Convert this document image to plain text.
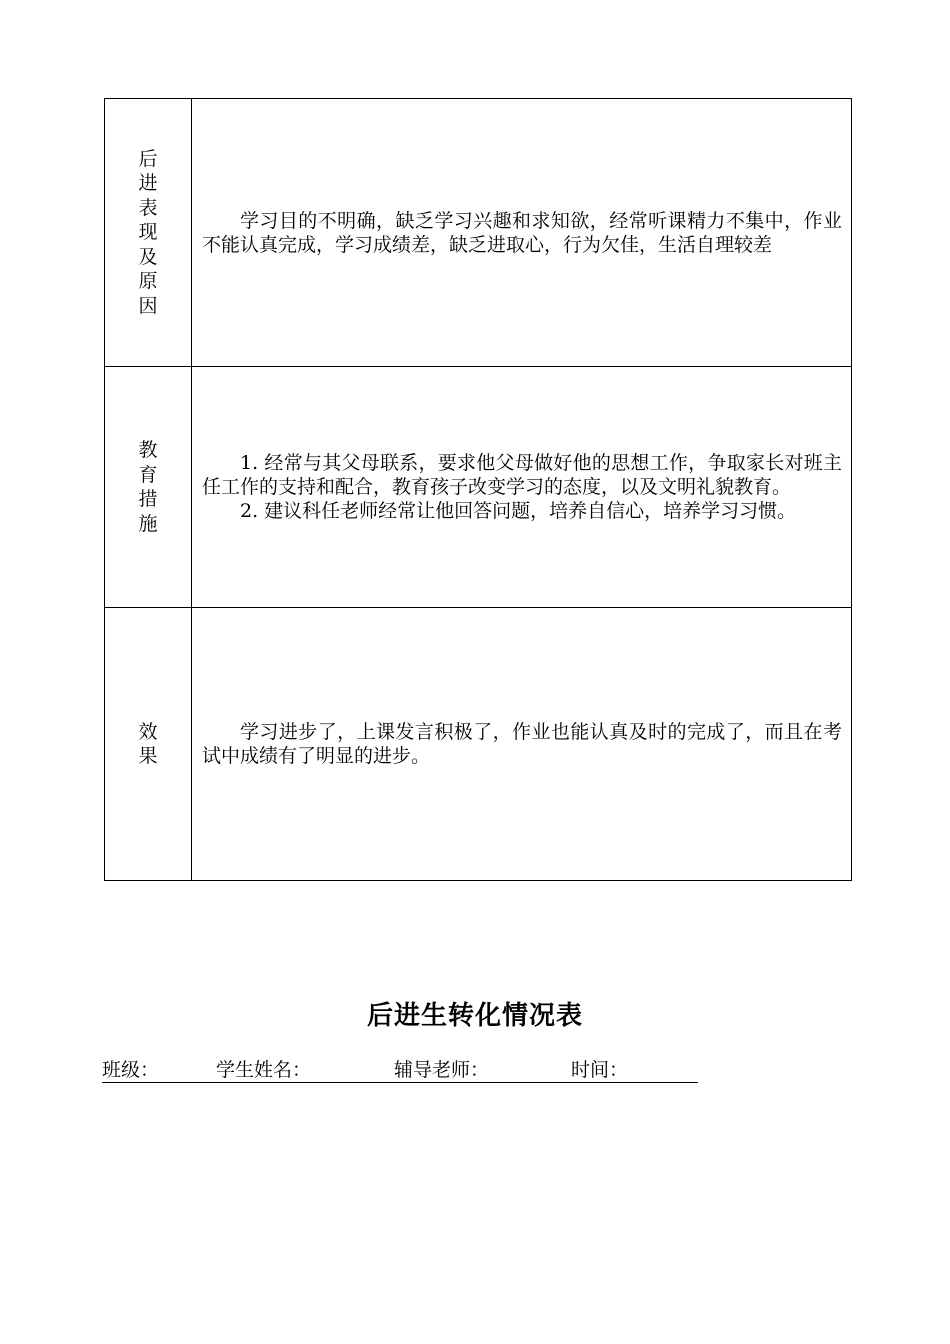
后进表现及原因	学习目的不明确，缺乏学习兴趣和求知欲，经常听课精力不集中，作业不能认真完成，学习成绩差，缺乏进取心，行为欠佳，生活自理较差

教育措施	1. 经常与其父母联系，要求他父母做好他的思想工作，争取家长对班主任工作的支持和配合，教育孩子改变学习的态度，以及文明礼貌教育。

2. 建议科任老师经常让他回答问题，培养自信心，培养学习习惯。

效果	学习进步了，上课发言积极了，作业也能认真及时的完成了，而且在考试中成绩有了明显的进步。

后进生转化情况表
班级：	学生姓名：	辅导老师：	时间：
